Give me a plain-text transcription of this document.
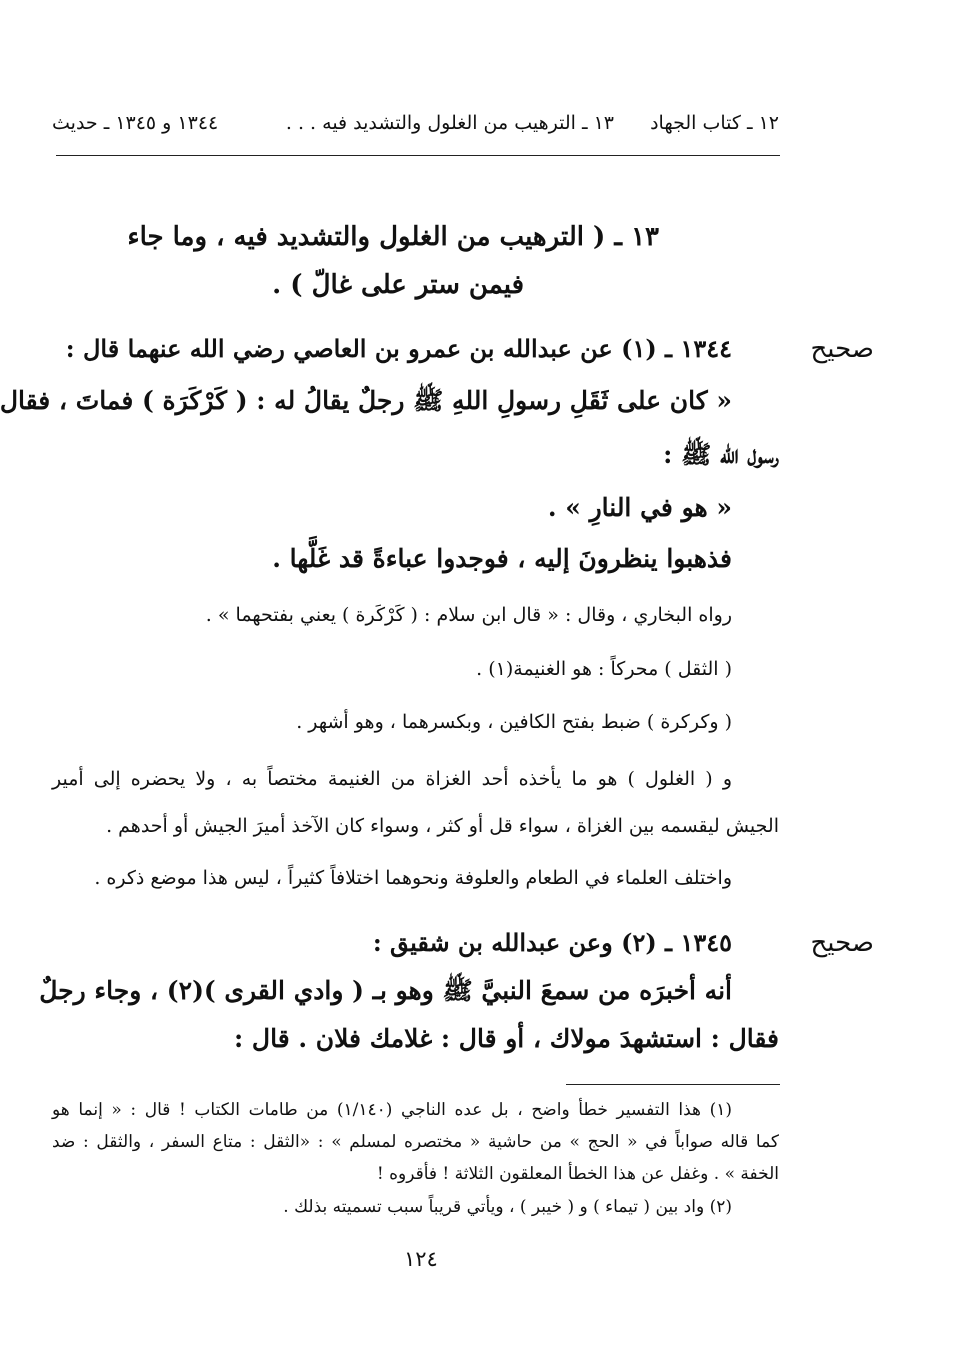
١٢ ـ كتاب الجهاد
١٣ ـ الترهيب من الغلول والتشديد فيه . . .
١٣٤٤ و ١٣٤٥ ـ حديث
١٣ ـ ( الترهيب من الغلول والتشديد فيه ، وما جاء
فيمن ستر على غالّ ) .
صحيح
١٣٤٤ ـ (١) عن عبدالله بن عمرو بن العاصي رضي الله عنهما قال :
« كان على ثَقَلِ رسولِ اللهِ ﷺ رجلٌ يقالُ له : ( كَرْكَرَة ) فماتَ ، فقال
رسول الله ﷺ :
« هو في النارِ » .
فذهبوا ينظرونَ إليه ، فوجدوا عباءةً قد غَلَّها .
رواه البخاري ، وقال : « قال ابن سلام : ( كَرْكَرة ) يعني بفتحهما » .
( الثقل ) محركاً : هو الغنيمة(١) .
( وكركرة ) ضبط بفتح الكافين ، وبكسرهما ، وهو أشهر .
و ( الغلول ) هو ما يأخذه أحد الغزاة من الغنيمة مختصاً به ، ولا يحضره إلى أمير
الجيش ليقسمه بين الغزاة ، سواء قل أو كثر ، وسواء كان الآخذ أميرَ الجيش أو أحدهم .
واختلف العلماء في الطعام والعلوفة ونحوهما اختلافاً كثيراً ، ليس هذا موضع ذكره .
صحيح
١٣٤٥ ـ (٢) وعن عبدالله بن شقيق :
أنه أخبرَه من سمعَ النبيَّ ﷺ وهو بـ ( وادي القرى )(٢) ، وجاء رجلٌ
فقال : استشهدَ مولاك ، أو قال : غلامك فلان . قال :
(١) هذا التفسير خطأ واضح ، بل عده الناجي (١/١٤٠) من طامات الكتاب ! قال : « إنما هو
كما قاله صواباً في « الحج » من حاشية « مختصره لمسلم » : «الثقل : متاع السفر ، والثقل : ضد
الخفة » . وغفل عن هذا الخطأ المعلقون الثلاثة ! فأقروه !
(٢) واد بين ( تيماء ) و ( خيبر ) ، ويأتي قريباً سبب تسميته بذلك .
١٢٤
